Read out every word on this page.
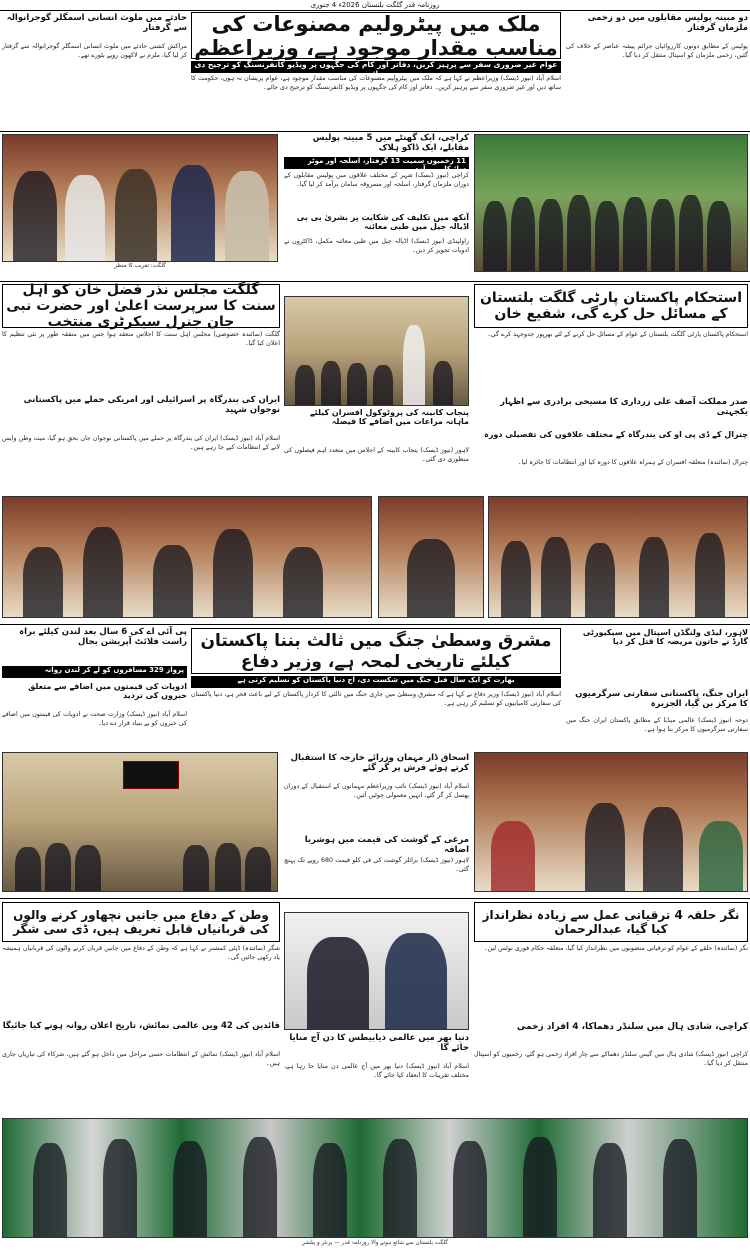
روزنامہ قدر گلگت بلتستان 2026ء 4 جنوری
ملک میں پیٹرولیم مصنوعات کی مناسب مقدار موجود ہے، وزیراعظم
عوام غیر ضروری سفر سے پرہیز کریں، دفاتر اور کام کی جگہوں پر ویڈیو کانفرنسنگ کو ترجیح دی جائے
اسلام آباد (نیوز ڈیسک) وزیراعظم نے کہا ہے کہ ملک میں پیٹرولیم مصنوعات کی مناسب مقدار موجود ہے، عوام پریشان نہ ہوں، حکومت کا ساتھ دیں اور غیر ضروری سفر سے پرہیز کریں۔ دفاتر اور کام کی جگہوں پر ویڈیو کانفرنسنگ کو ترجیح دی جائے۔
حادثے میں ملوث انسانی اسمگلر گوجرانوالہ سے گرفتار
مراکش کشتی حادثے میں ملوث انسانی اسمگلر گوجرانوالہ سے گرفتار کر لیا گیا، ملزم نے لاکھوں روپے بٹورے تھے۔
دو مبینہ پولیس مقابلوں میں دو زخمی ملزمان گرفتار
پولیس کے مطابق دونوں کارروائیاں جرائم پیشہ عناصر کے خلاف کی گئیں، زخمی ملزمان کو اسپتال منتقل کر دیا گیا۔
گلگت: تقریب کا منظر
کراچی، ایک گھنٹے میں 5 مبینہ پولیس مقابلے، ایک ڈاکو ہلاک
11 زخمیوں سمیت 13 گرفتار، اسلحہ اور موٹر سائیکلیں برآمد
کراچی (نیوز ڈیسک) شہر کے مختلف علاقوں میں پولیس مقابلوں کے دوران ملزمان گرفتار، اسلحہ اور مسروقہ سامان برآمد کر لیا گیا۔
آنکھ میں تکلیف کی شکایت پر بشریٰ بی بی اڈیالہ جیل میں طبی معائنہ
راولپنڈی (نیوز ڈیسک) اڈیالہ جیل میں طبی معائنہ مکمل، ڈاکٹروں نے ادویات تجویز کر دیں۔
گلگت مجلس نذر فضل خان کو اہل سنت کا سرپرست اعلیٰ اور حضرت نبی جان جنرل سیکرٹری منتخب
گلگت (نمائندہ خصوصی) مجلس اہل سنت کا اجلاس منعقد ہوا جس میں متفقہ طور پر نئی تنظیم کا اعلان کیا گیا۔
ایران کی بندرگاہ پر اسرائیلی اور امریکی حملے میں پاکستانی نوجوان شہید
اسلام آباد (نیوز ڈیسک) ایران کی بندرگاہ پر حملے میں پاکستانی نوجوان جاں بحق ہو گیا، میت وطن واپس لانے کے انتظامات کیے جا رہے ہیں۔
پنجاب کابینہ کی پروٹوکول افسران کیلئے ماہانہ مراعات میں اضافے کا فیصلہ
لاہور (نیوز ڈیسک) پنجاب کابینہ کے اجلاس میں متعدد اہم فیصلوں کی منظوری دی گئی۔
استحکام پاکستان پارٹی گلگت بلتستان کے مسائل حل کرے گی، شفیع خان
استحکام پاکستان پارٹی گلگت بلتستان کے عوام کے مسائل حل کرنے کے لئے بھرپور جدوجہد کرے گی۔
صدر مملکت آصف علی زرداری کا مسیحی برادری سے اظہار یکجہتی
چترال کے ڈی پی او کی بندرگاہ کے مختلف علاقوں کی تفصیلی دورہ
چترال (نمائندہ) متعلقہ افسران کے ہمراہ علاقوں کا دورہ کیا اور انتظامات کا جائزہ لیا۔
مشرق وسطیٰ جنگ میں ثالث بننا پاکستان کیلئے تاریخی لمحہ ہے، وزیر دفاع
بھارت کو ایک سال قبل جنگ میں شکست دی، آج دنیا پاکستان کو تسلیم کرتی ہے
اسلام آباد (نیوز ڈیسک) وزیر دفاع نے کہا ہے کہ مشرق وسطیٰ میں جاری جنگ میں ثالثی کا کردار پاکستان کے لیے باعث فخر ہے، دنیا پاکستان کی سفارتی کامیابیوں کو تسلیم کر رہی ہے۔
پی آئی اے کی 6 سال بعد لندن کیلئے براہ راست فلائٹ آپریشن بحال
پرواز 329 مسافروں کو لے کر لندن روانہ
ادویات کی قیمتوں میں اضافے سے متعلق خبروں کی تردید
اسلام آباد (نیوز ڈیسک) وزارت صحت نے ادویات کی قیمتوں میں اضافے کی خبروں کو بے بنیاد قرار دے دیا۔
لاہور، لیڈی ولنگڈن اسپتال میں سیکیورٹی گارڈ نے خاتون مریضہ کا قتل کر دیا
ایران جنگ، پاکستانی سفارتی سرگرمیوں کا مرکز بن گیا، الجزیرہ
دوحہ (نیوز ڈیسک) عالمی میڈیا کے مطابق پاکستان ایران جنگ میں سفارتی سرگرمیوں کا مرکز بنا ہوا ہے۔
اسحاق ڈار مہمان وزرائے خارجہ کا استقبال کرتے ہوئے فرش پر گر گئے
اسلام آباد (نیوز ڈیسک) نائب وزیراعظم مہمانوں کے استقبال کے دوران پھسل کر گر گئے، انہیں معمولی چوٹیں آئیں۔
مرغی کے گوشت کی قیمت میں ہوشربا اضافہ
لاہور (نیوز ڈیسک) برائلر گوشت کی فی کلو قیمت 680 روپے تک پہنچ گئی۔
وطن کے دفاع میں جانیں نچھاور کرنے والوں کی قربانیاں قابل تعریف ہیں، ڈی سی شگر
شگر (نمائندہ) ڈپٹی کمشنر نے کہا ہے کہ وطن کے دفاع میں جانیں قربان کرنے والوں کی قربانیاں ہمیشہ یاد رکھی جائیں گی۔
قائدین کی 42 ویں عالمی نمائش، تاریخ اعلان روانہ ہونے کیا جائیگا
اسلام آباد (نیوز ڈیسک) نمائش کے انتظامات حتمی مراحل میں داخل ہو گئے ہیں، شرکاء کی تیاریاں جاری ہیں۔
دنیا بھر میں عالمی ذیابیطس کا دن آج منایا جائے گا
اسلام آباد (نیوز ڈیسک) دنیا بھر میں آج عالمی دن منایا جا رہا ہے، مختلف تقریبات کا انعقاد کیا جائے گا۔
نگر حلقہ 4 ترقیاتی عمل سے زیادہ نظرانداز کیا گیا، عبدالرحمان
نگر (نمائندہ) حلقے کے عوام کو ترقیاتی منصوبوں میں نظرانداز کیا گیا، متعلقہ حکام فوری نوٹس لیں۔
کراچی، شادی ہال میں سلنڈر دھماکا، 4 افراد زخمی
کراچی (نیوز ڈیسک) شادی ہال میں گیس سلنڈر دھماکے سے چار افراد زخمی ہو گئے، زخمیوں کو اسپتال منتقل کر دیا گیا۔
گلگت بلتستان سے شائع ہونے والا روزنامہ قدر — پرنٹر و پبلشر
